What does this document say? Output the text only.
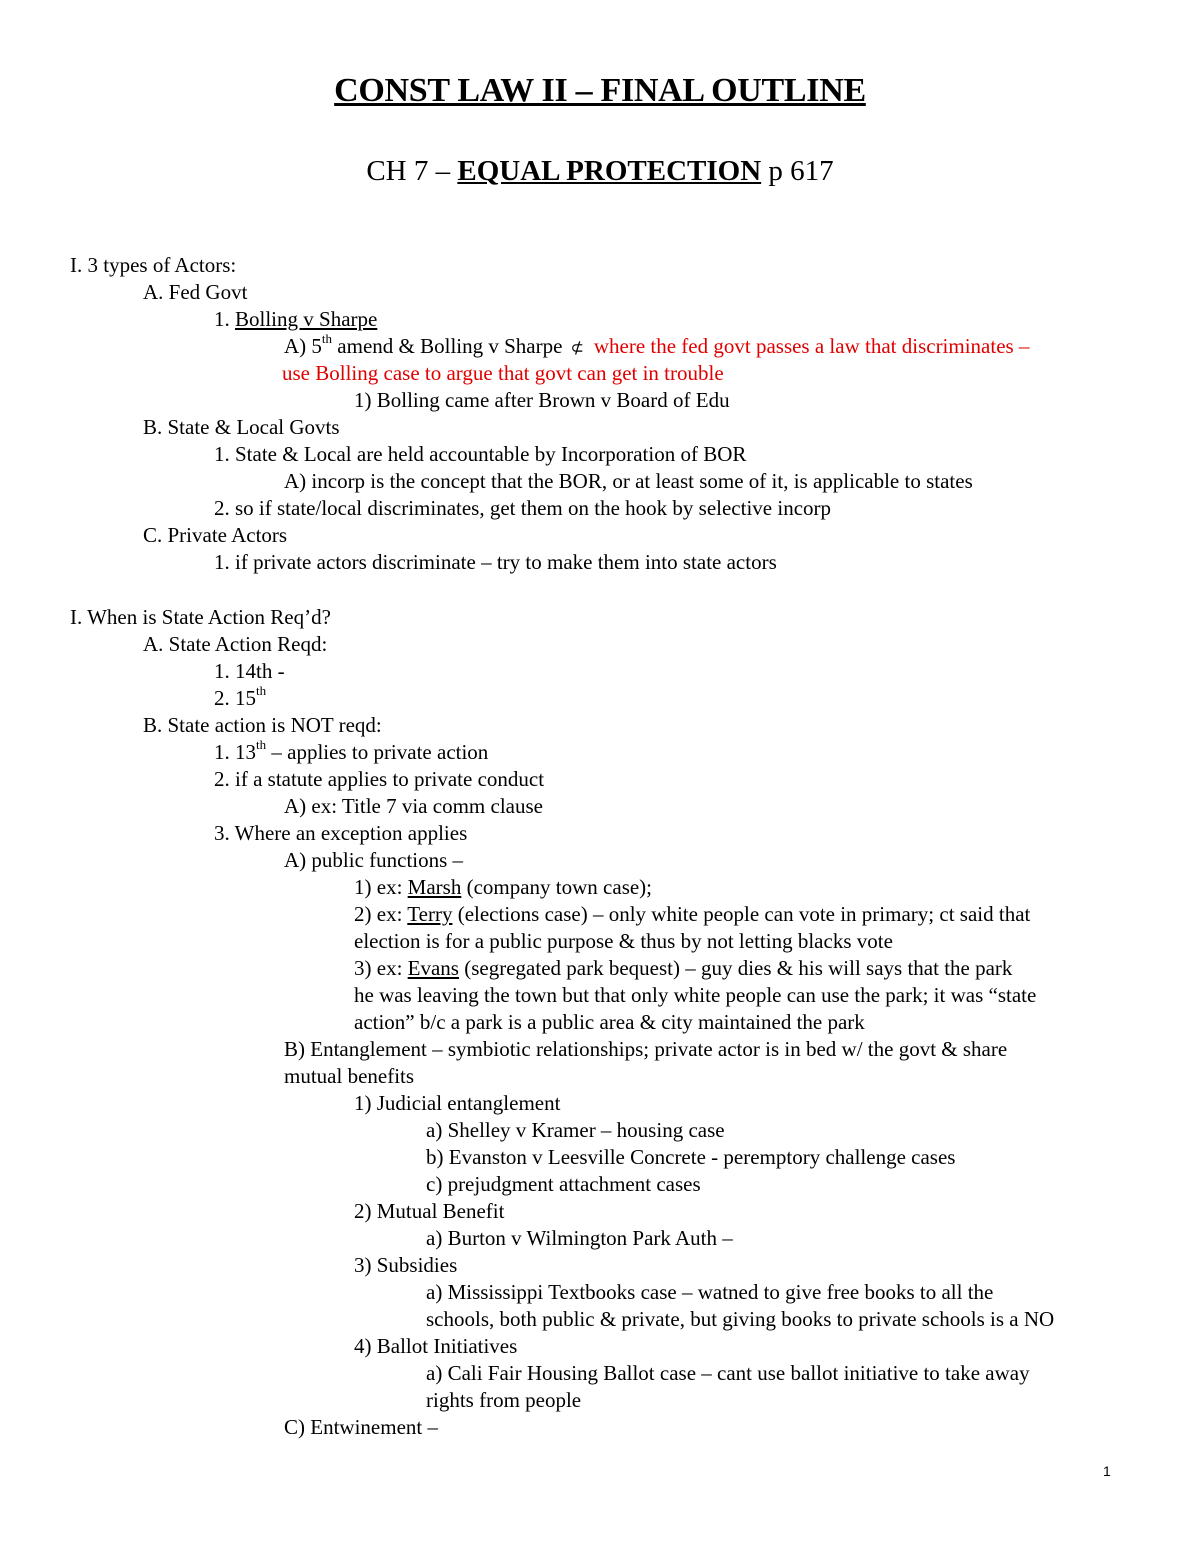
CONST LAW II – FINAL OUTLINE
CH 7 – EQUAL PROTECTION p 617
I. 3 types of Actors:
A. Fed Govt
1. Bolling v Sharpe
A) 5th amend & Bolling v Sharpe ⊄ where the fed govt passes a law that discriminates –
use Bolling case to argue that govt can get in trouble
1) Bolling came after Brown v Board of Edu
B. State & Local Govts
1. State & Local are held accountable by Incorporation of BOR
A) incorp is the concept that the BOR, or at least some of it, is applicable to states
2. so if state/local discriminates, get them on the hook by selective incorp
C. Private Actors
1. if private actors discriminate – try to make them into state actors
I. When is State Action Req’d?
A. State Action Reqd:
1. 14th -
2. 15th
B. State action is NOT reqd:
1. 13th – applies to private action
2. if a statute applies to private conduct
A) ex: Title 7 via comm clause
3. Where an exception applies
A) public functions –
1) ex: Marsh (company town case);
2) ex: Terry (elections case) – only white people can vote in primary; ct said that
election is for a public purpose & thus by not letting blacks vote
3) ex: Evans (segregated park bequest) – guy dies & his will says that the park
he was leaving the town but that only white people can use the park; it was “state
action” b/c a park is a public area & city maintained the park
B) Entanglement – symbiotic relationships; private actor is in bed w/ the govt & share
mutual benefits
1) Judicial entanglement
a) Shelley v Kramer – housing case
b) Evanston v Leesville Concrete - peremptory challenge cases
c) prejudgment attachment cases
2) Mutual Benefit
a) Burton v Wilmington Park Auth –
3) Subsidies
a) Mississippi Textbooks case – watned to give free books to all the
schools, both public & private, but giving books to private schools is a NO
4) Ballot Initiatives
a) Cali Fair Housing Ballot case – cant use ballot initiative to take away
rights from people
C) Entwinement –
1
